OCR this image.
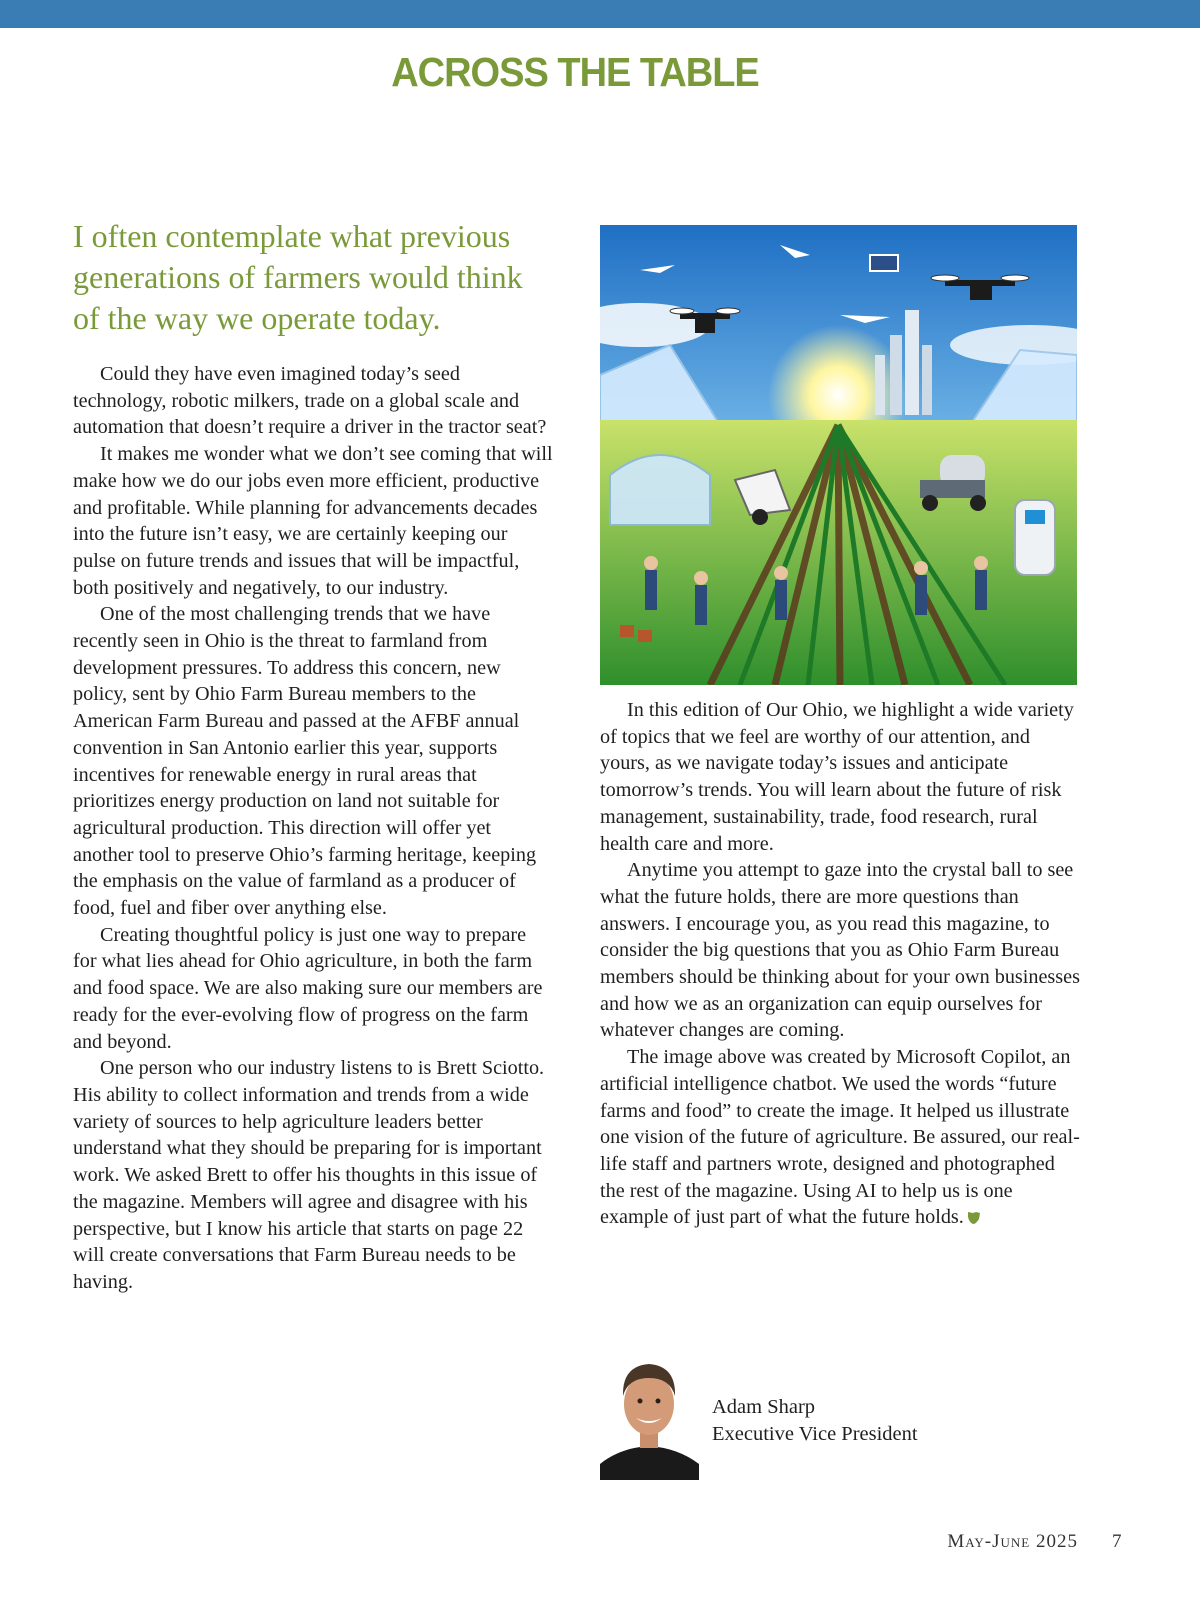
ACROSS THE TABLE
I often contemplate what previous generations of farmers would think of the way we operate today.

Could they have even imagined today’s seed technology, robotic milkers, trade on a global scale and automation that doesn’t require a driver in the tractor seat?

It makes me wonder what we don’t see coming that will make how we do our jobs even more efficient, productive and profitable. While planning for advancements decades into the future isn’t easy, we are certainly keeping our pulse on future trends and issues that will be impactful, both positively and negatively, to our industry.

One of the most challenging trends that we have recently seen in Ohio is the threat to farmland from development pressures. To address this concern, new policy, sent by Ohio Farm Bureau members to the American Farm Bureau and passed at the AFBF annual convention in San Antonio earlier this year, supports incentives for renewable energy in rural areas that prioritizes energy production on land not suitable for agricultural production. This direction will offer yet another tool to preserve Ohio’s farming heritage, keeping the emphasis on the value of farmland as a producer of food, fuel and fiber over anything else.

Creating thoughtful policy is just one way to prepare for what lies ahead for Ohio agriculture, in both the farm and food space. We are also making sure our members are ready for the ever-evolving flow of progress on the farm and beyond.

One person who our industry listens to is Brett Sciotto. His ability to collect information and trends from a wide variety of sources to help agriculture leaders better understand what they should be preparing for is important work. We asked Brett to offer his thoughts in this issue of the magazine. Members will agree and disagree with his perspective, but I know his article that starts on page 22 will create conversations that Farm Bureau needs to be having.

In this edition of Our Ohio, we highlight a wide variety of topics that we feel are worthy of our attention, and yours, as we navigate today’s issues and anticipate tomorrow’s trends. You will learn about the future of risk management, sustainability, trade, food research, rural health care and more.

Anytime you attempt to gaze into the crystal ball to see what the future holds, there are more questions than answers. I encourage you, as you read this magazine, to consider the big questions that you as Ohio Farm Bureau members should be thinking about for your own businesses and how we as an organization can equip ourselves for whatever changes are coming.

The image above was created by Microsoft Copilot, an artificial intelligence chatbot. We used the words “future farms and food” to create the image. It helped us illustrate one vision of the future of agriculture. Be assured, our real-life staff and partners wrote, designed and photographed the rest of the magazine. Using AI to help us is one example of just part of what the future holds.

Adam Sharp
Executive Vice President
May-June 2025 7
